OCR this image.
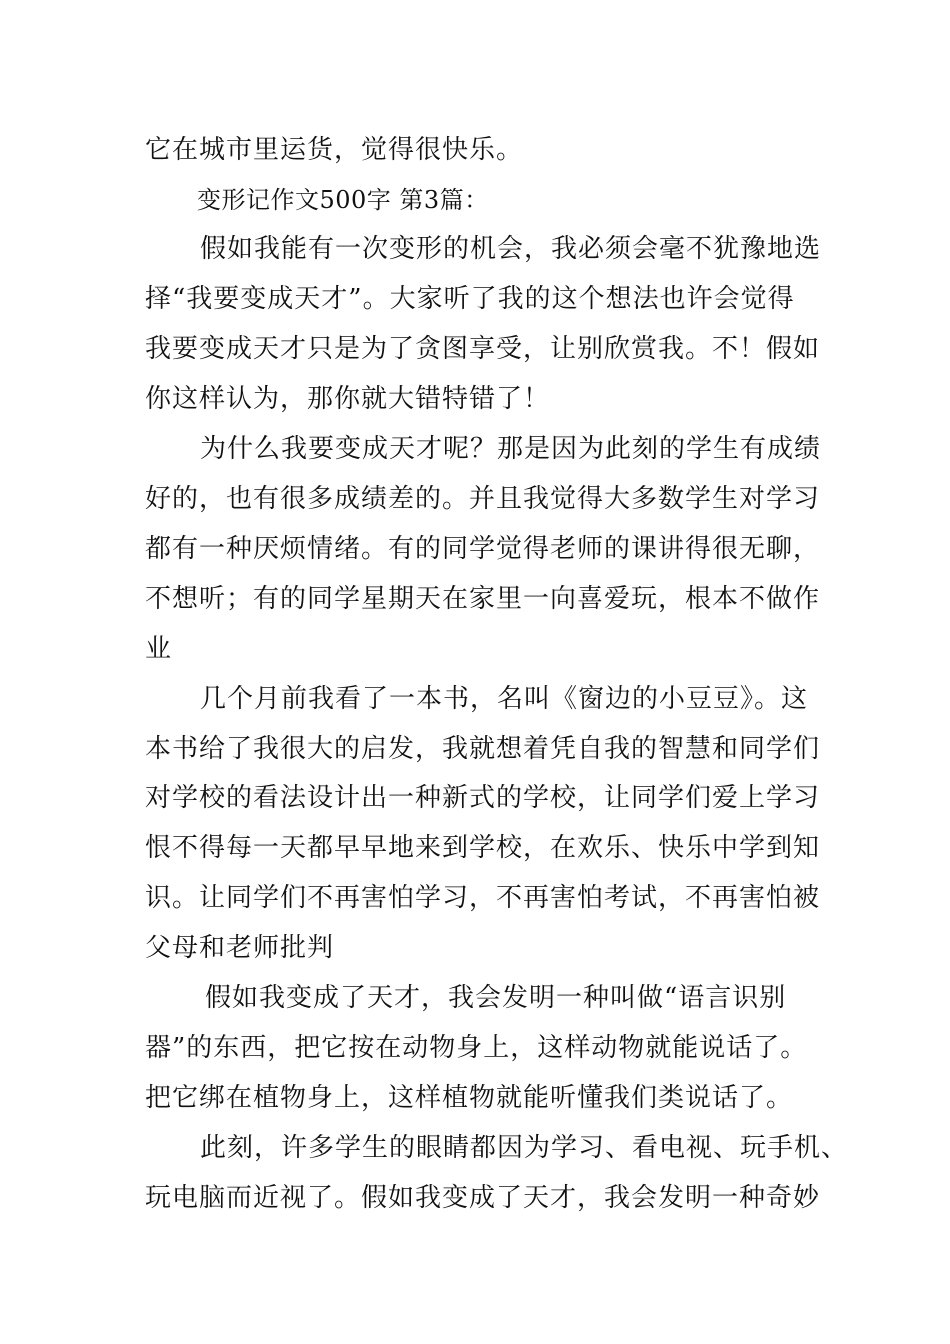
它在城市里运货，觉得很快乐。
变形记作文500字 第3篇：
假如我能有一次变形的机会，我必须会毫不犹豫地选
择“我要变成天才”。大家听了我的这个想法也许会觉得
我要变成天才只是为了贪图享受，让别欣赏我。不！假如
你这样认为，那你就大错特错了！
为什么我要变成天才呢？那是因为此刻的学生有成绩
好的，也有很多成绩差的。并且我觉得大多数学生对学习
都有一种厌烦情绪。有的同学觉得老师的课讲得很无聊，
不想听；有的同学星期天在家里一向喜爱玩，根本不做作
业
几个月前我看了一本书，名叫《窗边的小豆豆》。这
本书给了我很大的启发，我就想着凭自我的智慧和同学们
对学校的看法设计出一种新式的学校，让同学们爱上学习
恨不得每一天都早早地来到学校，在欢乐、快乐中学到知
识。让同学们不再害怕学习，不再害怕考试，不再害怕被
父母和老师批判
假如我变成了天才，我会发明一种叫做“语言识别
器”的东西，把它按在动物身上，这样动物就能说话了。
把它绑在植物身上，这样植物就能听懂我们类说话了。
此刻，许多学生的眼睛都因为学习、看电视、玩手机、
玩电脑而近视了。假如我变成了天才，我会发明一种奇妙
